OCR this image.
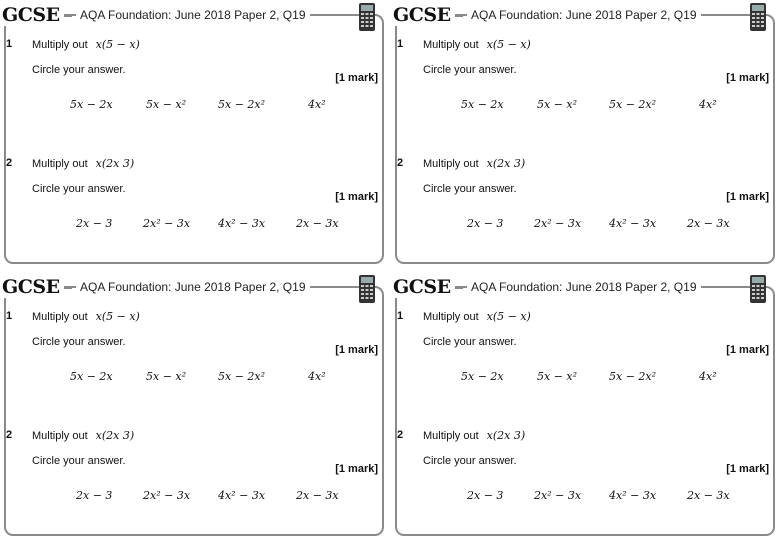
GCSE	AQA Foundation: June 2018 Paper 2, Q19
1 Multiply out x(5 − x)
Circle your answer.
[1 mark]
5x − 2x	5x − x²	5x − 2x²	4x²
2 Multiply out x(2x 3)
Circle your answer.
[1 mark]
2x − 3	2x² − 3x	4x² − 3x	2x − 3x
GCSE	AQA Foundation: June 2018 Paper 2, Q19
1 Multiply out x(5 − x)
Circle your answer.
[1 mark]
5x − 2x	5x − x²	5x − 2x²	4x²
2 Multiply out x(2x 3)
Circle your answer.
[1 mark]
2x − 3	2x² − 3x	4x² − 3x	2x − 3x
GCSE	AQA Foundation: June 2018 Paper 2, Q19
1 Multiply out x(5 − x)
Circle your answer.
[1 mark]
5x − 2x	5x − x²	5x − 2x²	4x²
2 Multiply out x(2x 3)
Circle your answer.
[1 mark]
2x − 3	2x² − 3x	4x² − 3x	2x − 3x
GCSE	AQA Foundation: June 2018 Paper 2, Q19
1 Multiply out x(5 − x)
Circle your answer.
[1 mark]
5x − 2x	5x − x²	5x − 2x²	4x²
2 Multiply out x(2x 3)
Circle your answer.
[1 mark]
2x − 3	2x² − 3x	4x² − 3x	2x − 3x
